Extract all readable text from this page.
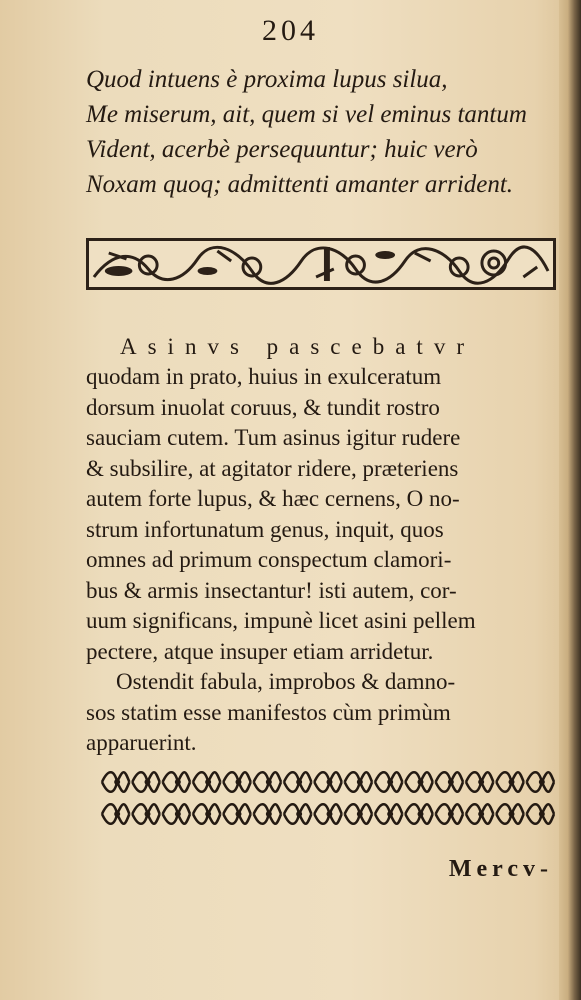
204
Quod intuens è proxima lupus silua,
Me miserum, ait, quem si vel eminus tantum
Vident, acerbè persequuntur; huic verò
Noxam quoq; admittenti amanter arrident.
Asinvs pascebatvr
quodam in prato, huius in exulceratum
dorsum inuolat coruus, & tundit rostro
sauciam cutem. Tum asinus igitur rudere
& subsilire, at agitator ridere, præteriens
autem forte lupus, & hæc cernens, O no-
strum infortunatum genus, inquit, quos
omnes ad primum conspectum clamori-
bus & armis insectantur! isti autem, cor-
uum significans, impunè licet asini pellem
pectere, atque insuper etiam arridetur.
Ostendit fabula, improbos & damno-
sos statim esse manifestos cùm primùm
apparuerint.
Mercv-
